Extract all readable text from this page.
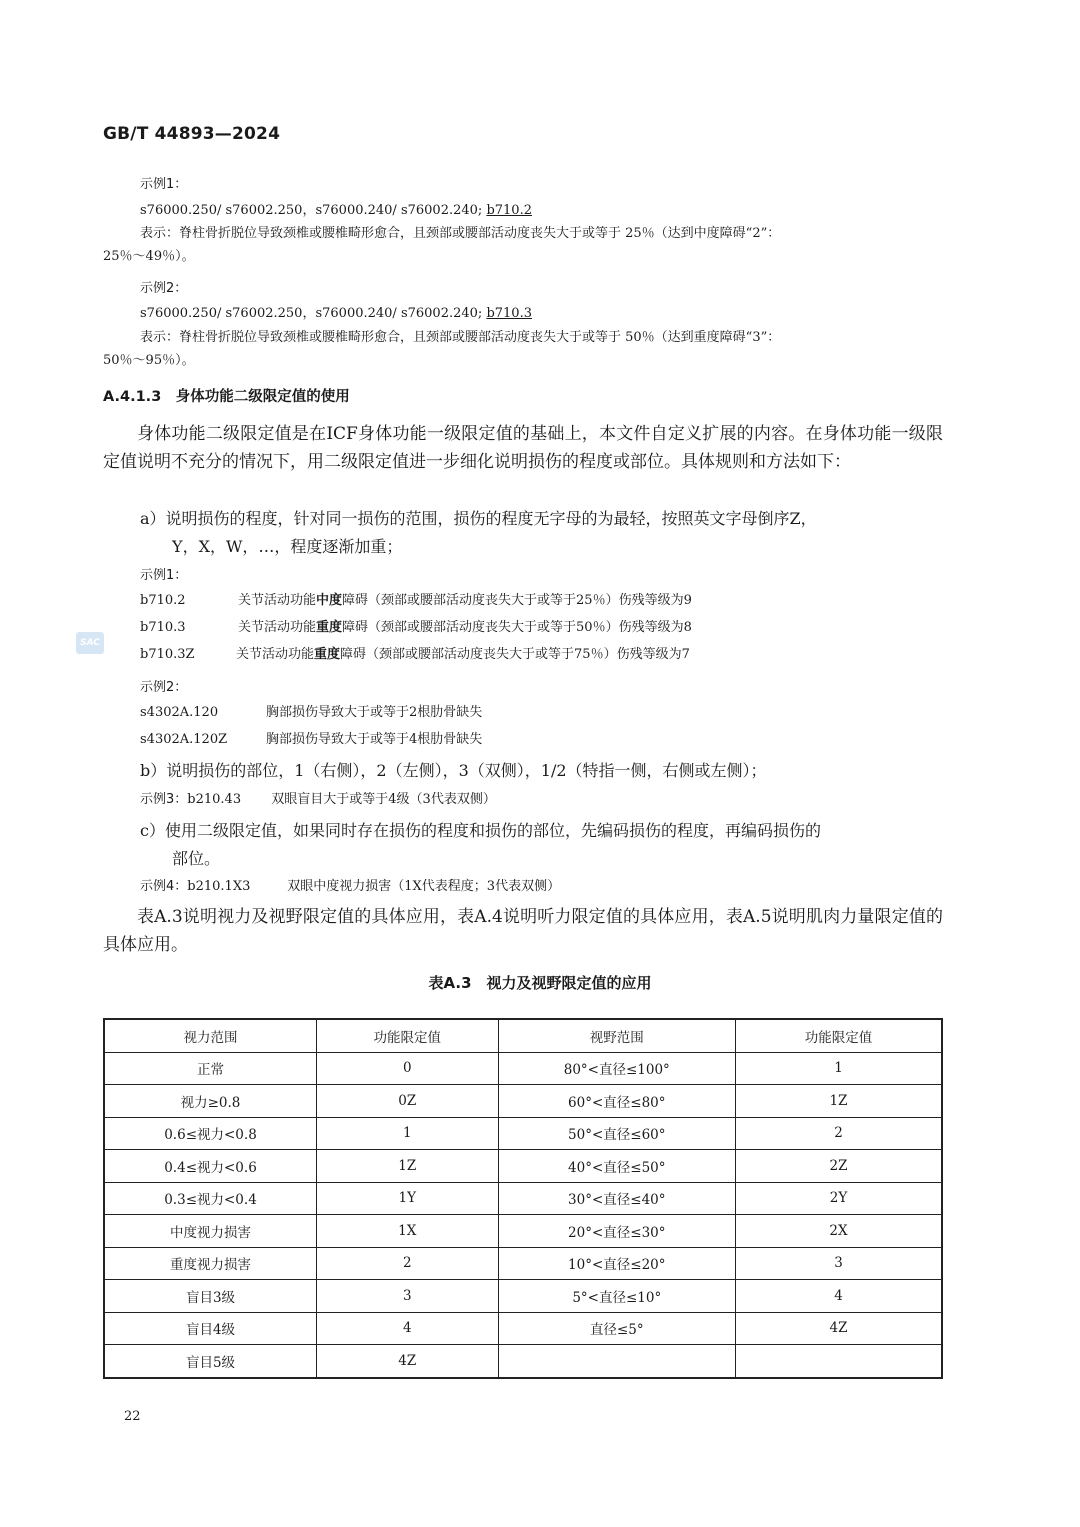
GB/T 44893—2024
示例1：
s76000.250/ s76002.250，s76000.240/ s76002.240; b710.2
表示：脊柱骨折脱位导致颈椎或腰椎畸形愈合，且颈部或腰部活动度丧失大于或等于 25％（达到中度障碍“2”：
25％～49％）。
示例2：
s76000.250/ s76002.250，s76000.240/ s76002.240; b710.3
表示：脊柱骨折脱位导致颈椎或腰椎畸形愈合，且颈部或腰部活动度丧失大于或等于 50％（达到重度障碍“3”：
50％～95％）。
A.4.1.3　身体功能二级限定值的使用
身体功能二级限定值是在ICF身体功能一级限定值的基础上，本文件自定义扩展的内容。在身体功能一级限定值说明不充分的情况下，用二级限定值进一步细化说明损伤的程度或部位。具体规则和方法如下：
a）说明损伤的程度，针对同一损伤的范围，损伤的程度无字母的为最轻，按照英文字母倒序Z，
Y，X，W，…，程度逐渐加重；
示例1：
b710.2	关节活动功能中度障碍（颈部或腰部活动度丧失大于或等于25％）伤残等级为9
b710.3	关节活动功能重度障碍（颈部或腰部活动度丧失大于或等于50％）伤残等级为8
b710.3Z	关节活动功能重度障碍（颈部或腰部活动度丧失大于或等于75％）伤残等级为7
SAC
示例2：
s4302A.120	胸部损伤导致大于或等于2根肋骨缺失
s4302A.120Z	胸部损伤导致大于或等于4根肋骨缺失
b）说明损伤的部位，1（右侧），2（左侧），3（双侧），1/2（特指一侧，右侧或左侧）；
示例3：b210.43 双眼盲目大于或等于4级（3代表双侧）
c）使用二级限定值，如果同时存在损伤的程度和损伤的部位，先编码损伤的程度，再编码损伤的
部位。
示例4：b210.1X3	双眼中度视力损害（1X代表程度；3代表双侧）
表A.3说明视力及视野限定值的具体应用，表A.4说明听力限定值的具体应用，表A.5说明肌肉力量限定值的具体应用。
表A.3　视力及视野限定值的应用
视力范围	功能限定值	视野范围	功能限定值
正常	0	80°<直径≤100°	1
视力≥0.8	0Z	60°<直径≤80°	1Z
0.6≤视力<0.8	1	50°<直径≤60°	2
0.4≤视力<0.6	1Z	40°<直径≤50°	2Z
0.3≤视力<0.4	1Y	30°<直径≤40°	2Y
中度视力损害	1X	20°<直径≤30°	2X
重度视力损害	2	10°<直径≤20°	3
盲目3级	3	5°<直径≤10°	4
盲目4级	4	直径≤5°	4Z
盲目5级	4Z		
22
